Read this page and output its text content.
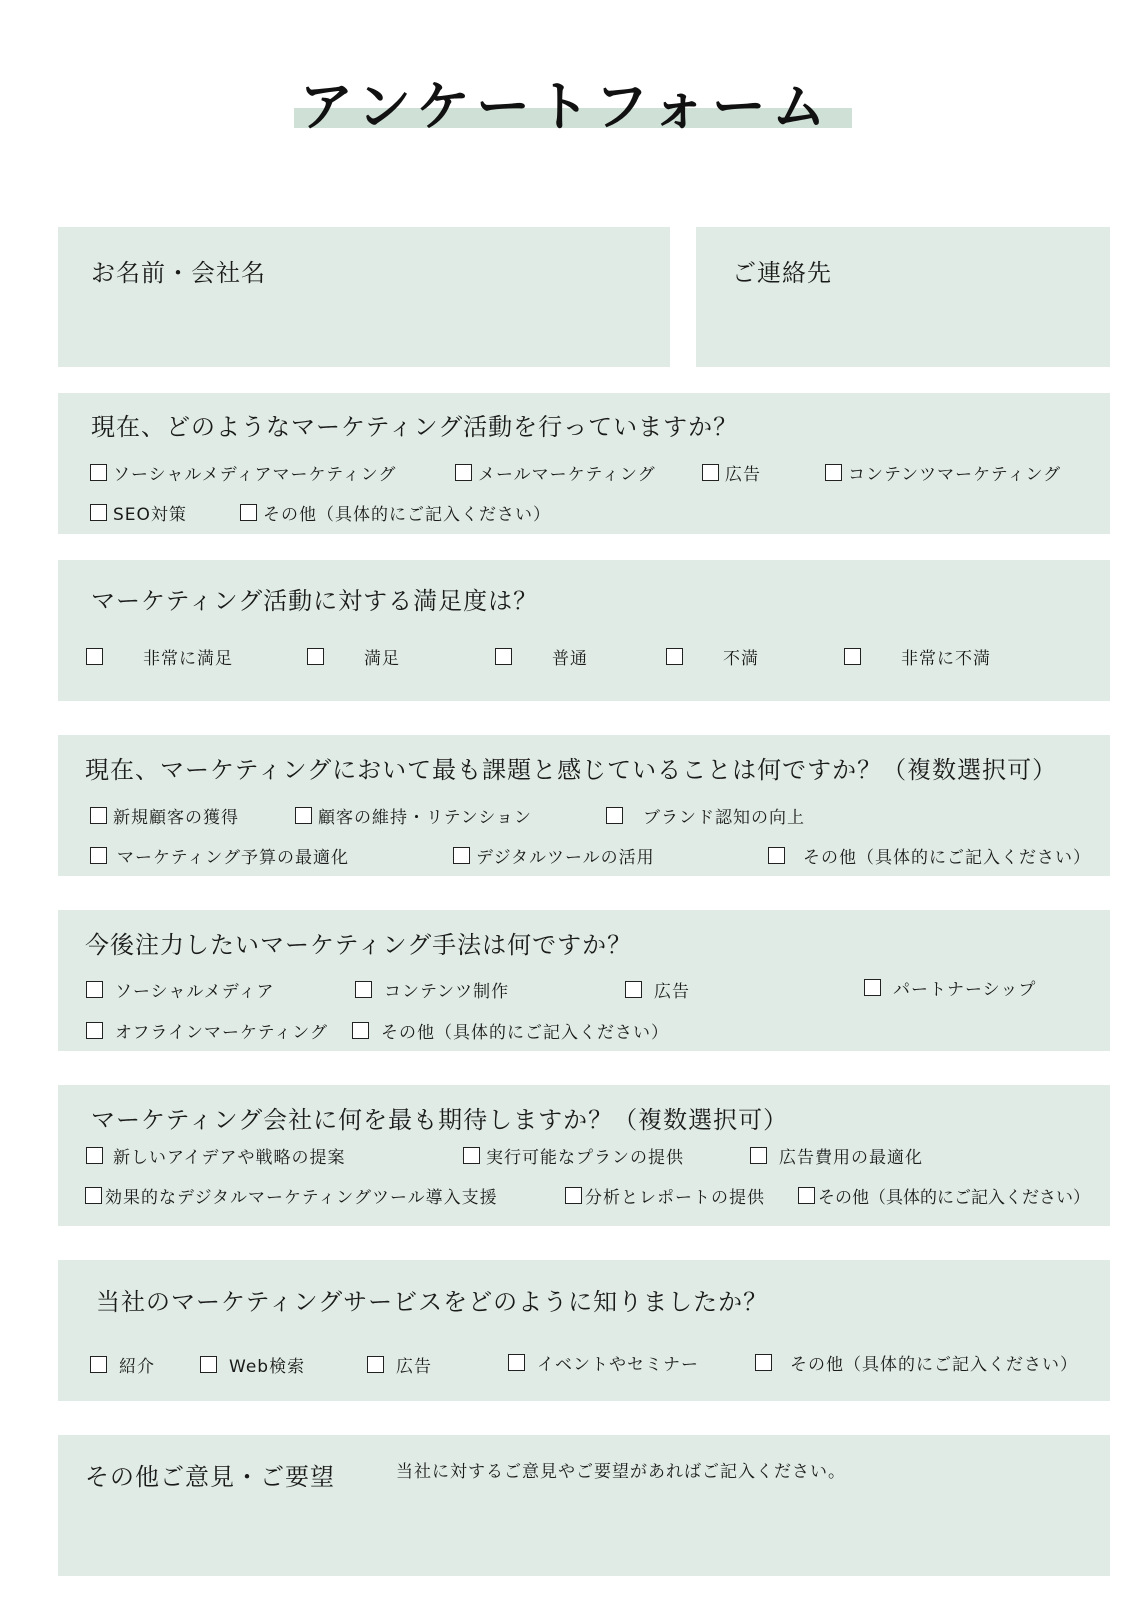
アンケートフォーム
お名前・会社名	ご連絡先
現在、どのようなマーケティング活動を行っていますか？
ソーシャルメディアマーケティング	メールマーケティング	広告	コンテンツマーケティング
SEO対策	その他（具体的にご記入ください）
マーケティング活動に対する満足度は？
非常に満足	満足	普通	不満	非常に不満
現在、マーケティングにおいて最も課題と感じていることは何ですか？（複数選択可）
新規顧客の獲得	顧客の維持・リテンション	ブランド認知の向上
マーケティング予算の最適化	デジタルツールの活用	その他（具体的にご記入ください）
今後注力したいマーケティング手法は何ですか？
ソーシャルメディア	コンテンツ制作	広告	パートナーシップ
オフラインマーケティング	その他（具体的にご記入ください）
マーケティング会社に何を最も期待しますか？（複数選択可）
新しいアイデアや戦略の提案	実行可能なプランの提供	広告費用の最適化
効果的なデジタルマーケティングツール導入支援	分析とレポートの提供	その他（具体的にご記入ください）
当社のマーケティングサービスをどのように知りましたか？
紹介	Web検索	広告	イベントやセミナー	その他（具体的にご記入ください）
その他ご意見・ご要望	当社に対するご意見やご要望があればご記入ください。
